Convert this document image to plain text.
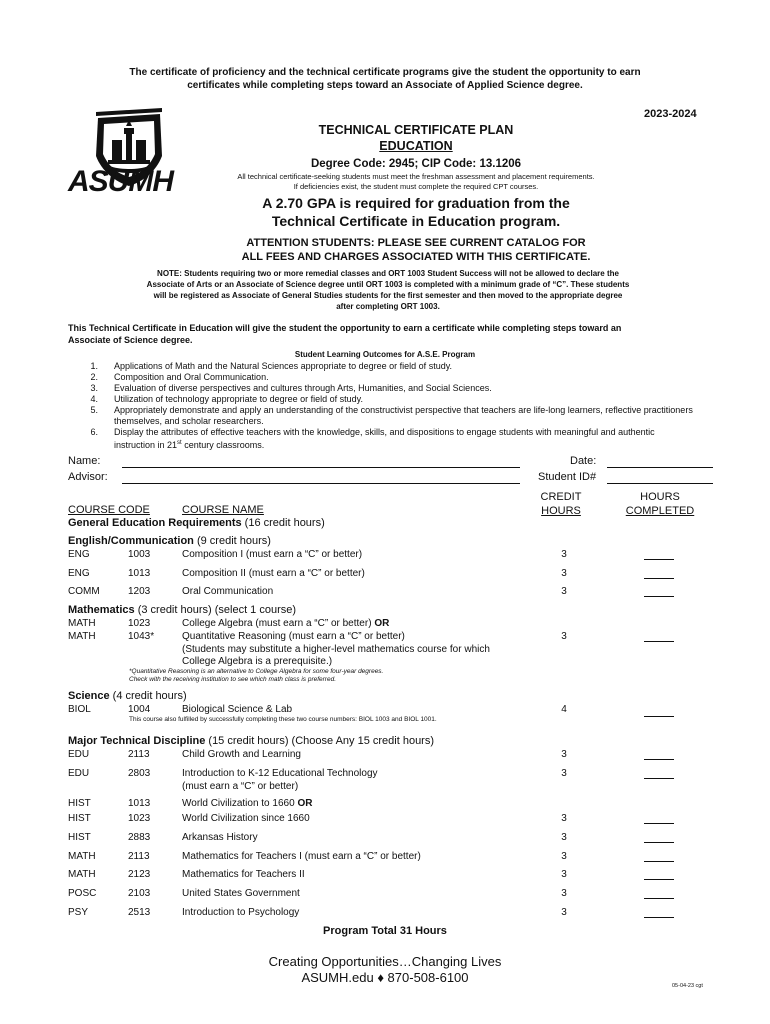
The certificate of proficiency and the technical certificate programs give the student the opportunity to earn
certificates while completing steps toward an Associate of Applied Science degree.
ASUMH
2023-2024
TECHNICAL CERTIFICATE PLAN
EDUCATION
Degree Code: 2945; CIP Code: 13.1206
All technical certificate-seeking students must meet the freshman assessment and placement requirements.
If deficiencies exist, the student must complete the required CPT courses.
A 2.70 GPA is required for graduation from the
Technical Certificate in Education program.
ATTENTION STUDENTS: PLEASE SEE CURRENT CATALOG FOR
ALL FEES AND CHARGES ASSOCIATED WITH THIS CERTIFICATE.
NOTE: Students requiring two or more remedial classes and ORT 1003 Student Success will not be allowed to declare the
Associate of Arts or an Associate of Science degree until ORT 1003 is completed with a minimum grade of “C”. These students
will be registered as Associate of General Studies students for the first semester and then moved to the appropriate degree
after completing ORT 1003.
This Technical Certificate in Education will give the student the opportunity to earn a certificate while completing steps toward an
Associate of Science degree.
Student Learning Outcomes for A.S.E. Program
1. Applications of Math and the Natural Sciences appropriate to degree or field of study.
2. Composition and Oral Communication.
3. Evaluation of diverse perspectives and cultures through Arts, Humanities, and Social Sciences.
4. Utilization of technology appropriate to degree or field of study.
5. Appropriately demonstrate and apply an understanding of the constructivist perspective that teachers are life-long learners, reflective practitioners themselves, and scholar researchers.
6. Display the attributes of effective teachers with the knowledge, skills, and dispositions to engage students with meaningful and authentic instruction in 21st century classrooms.
Name:
Advisor:
Date:
Student ID#
CREDIT
HOURS
HOURS
COMPLETED
COURSE CODE	COURSE NAME
General Education Requirements (16 credit hours)
English/Communication (9 credit hours)
ENG	1003	Composition I (must earn a “C” or better)	3
ENG	1013	Composition II (must earn a “C” or better)	3
COMM	1203	Oral Communication	3
Mathematics (3 credit hours) (select 1 course)
MATH	1023	College Algebra (must earn a “C” or better) OR
MATH	1043*	Quantitative Reasoning (must earn a “C” or better)	3
(Students may substitute a higher-level mathematics course for which
College Algebra is a prerequisite.)
*Quantitative Reasoning is an alternative to College Algebra for some four-year degrees.
Check with the receiving institution to see which math class is preferred.
Science (4 credit hours)
BIOL	1004	Biological Science & Lab	4
This course also fulfilled by successfully completing these two course numbers: BIOL 1003 and BIOL 1001.
Major Technical Discipline (15 credit hours) (Choose Any 15 credit hours)
EDU	2113	Child Growth and Learning	3
EDU	2803	Introduction to K-12 Educational Technology	3
(must earn a “C” or better)
HIST	1013	World Civilization to 1660 OR
HIST	1023	World Civilization since 1660	3
HIST	2883	Arkansas History	3
MATH	2113	Mathematics for Teachers I (must earn a “C” or better)	3
MATH	2123	Mathematics for Teachers II	3
POSC	2103	United States Government	3
PSY	2513	Introduction to Psychology	3
Program Total 31 Hours
Creating Opportunities…Changing Lives
ASUMH.edu ♦ 870-508-6100
05-04-23 cgt
